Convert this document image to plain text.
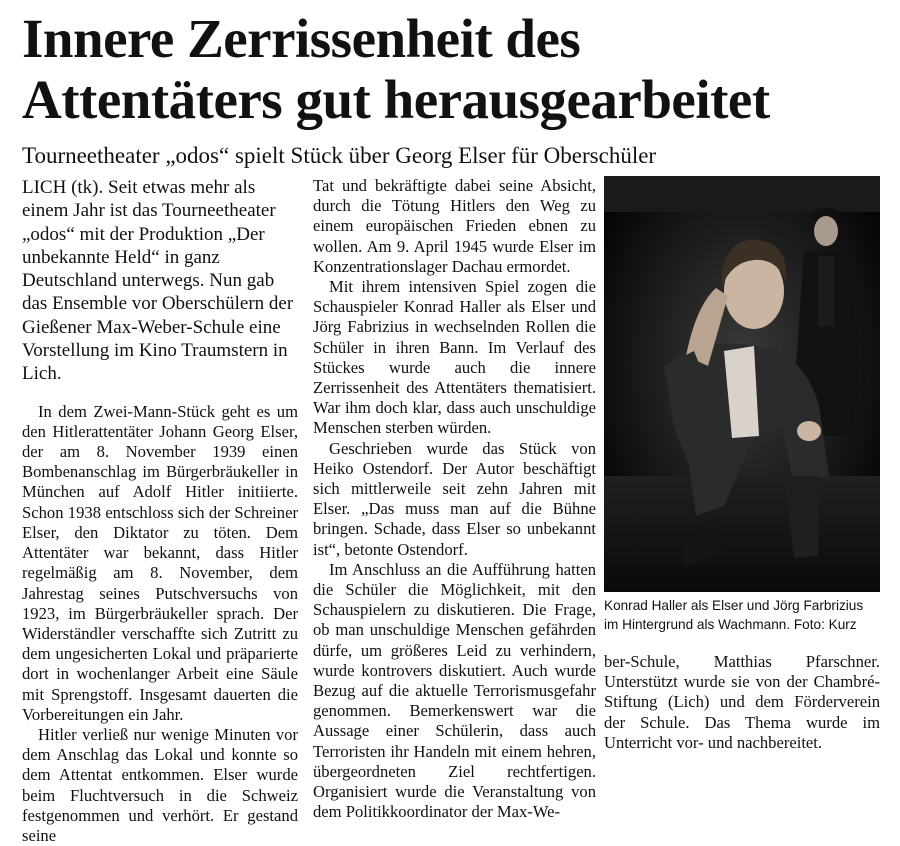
Innere Zerrissenheit des
Attentäters gut herausgearbeitet
Tourneetheater „odos“ spielt Stück über Georg Elser für Oberschüler

LICH (tk). Seit etwas mehr als einem Jahr ist das Tourneetheater „odos“ mit der Produktion „Der unbekannte Held“ in ganz Deutschland unterwegs. Nun gab das Ensemble vor Oberschülern der Gießener Max-Weber-Schule eine Vorstellung im Kino Traumstern in Lich.

In dem Zwei-Mann-Stück geht es um den Hitlerattentäter Johann Georg Elser, der am 8. November 1939 einen Bombenanschlag im Bürgerbräukeller in München auf Adolf Hitler initiierte. Schon 1938 entschloss sich der Schreiner Elser, den Diktator zu töten. Dem Attentäter war bekannt, dass Hitler regelmäßig am 8. November, dem Jahrestag seines Putschversuchs von 1923, im Bürgerbräukeller sprach. Der Widerständler verschaffte sich Zutritt zu dem ungesicherten Lokal und präparierte dort in wochenlanger Arbeit eine Säule mit Sprengstoff. Insgesamt dauerten die Vorbereitungen ein Jahr.

Hitler verließ nur wenige Minuten vor dem Anschlag das Lokal und konnte so dem Attentat entkommen. Elser wurde beim Fluchtversuch in die Schweiz festgenommen und verhört. Er gestand seine

Tat und bekräftigte dabei seine Absicht, durch die Tötung Hitlers den Weg zu einem europäischen Frieden ebnen zu wollen. Am 9. April 1945 wurde Elser im Konzentrationslager Dachau ermordet.

Mit ihrem intensiven Spiel zogen die Schauspieler Konrad Haller als Elser und Jörg Fabrizius in wechselnden Rollen die Schüler in ihren Bann. Im Verlauf des Stückes wurde auch die innere Zerrissenheit des Attentäters thematisiert. War ihm doch klar, dass auch unschuldige Menschen sterben würden.

Geschrieben wurde das Stück von Heiko Ostendorf. Der Autor beschäftigt sich mittlerweile seit zehn Jahren mit Elser. „Das muss man auf die Bühne bringen. Schade, dass Elser so unbekannt ist“, betonte Ostendorf.

Im Anschluss an die Aufführung hatten die Schüler die Möglichkeit, mit den Schauspielern zu diskutieren. Die Frage, ob man unschuldige Menschen gefährden dürfe, um größeres Leid zu verhindern, wurde kontrovers diskutiert. Auch wurde Bezug auf die aktuelle Terrorismusgefahr genommen. Bemerkenswert war die Aussage einer Schülerin, dass auch Terroristen ihr Handeln mit einem hehren, übergeordneten Ziel rechtfertigen. Organisiert wurde die Veranstaltung von dem Politikkoordinator der Max-We-

Konrad Haller als Elser und Jörg Farbrizius
im Hintergrund als Wachmann. Foto: Kurz

ber-Schule, Matthias Pfarschner. Unterstützt wurde sie von der Chambré-Stiftung (Lich) und dem Förderverein der Schule. Das Thema wurde im Unterricht vor- und nachbereitet.
